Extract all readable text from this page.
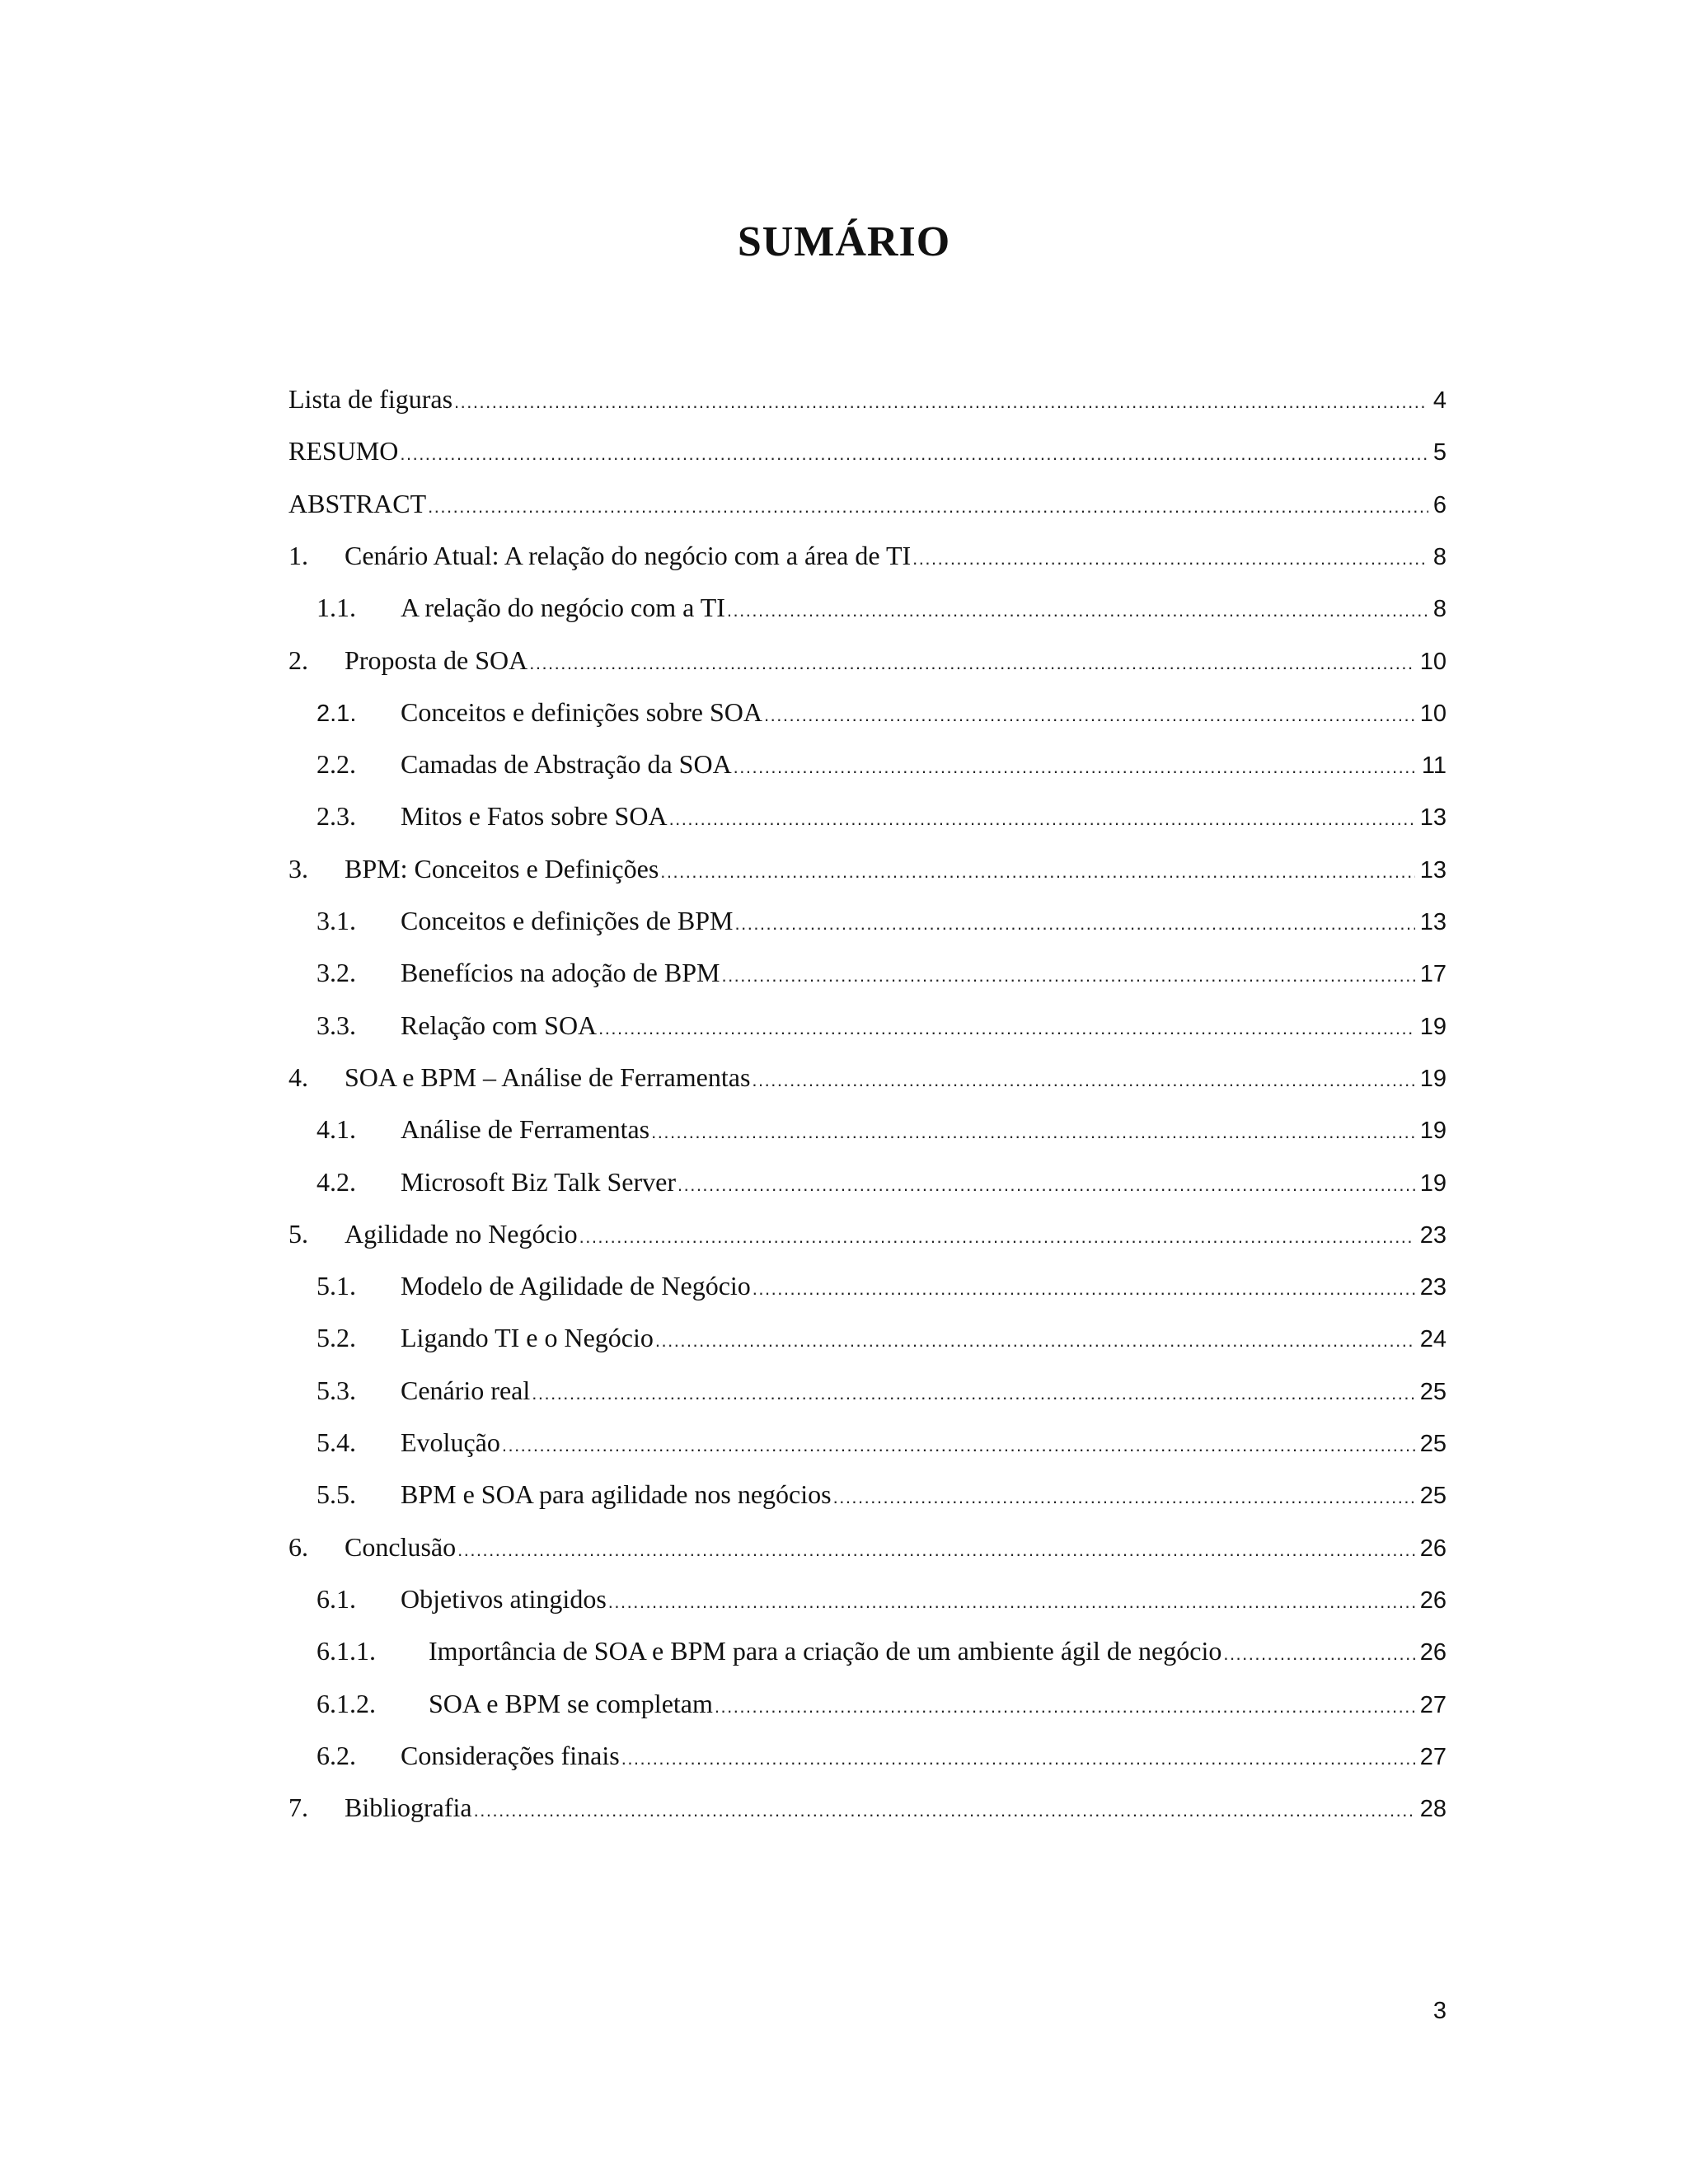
SUMÁRIO
Lista de figuras .....	4
RESUMO .....	5
ABSTRACT .....	6
1.	Cenário Atual: A relação do negócio com a área de TI .....	8
1.1.	A relação do negócio com a TI .....	8
2.	Proposta de SOA .....	10
2.1.	Conceitos e definições sobre SOA .....	10
2.2.	Camadas de Abstração da SOA .....	11
2.3.	Mitos e Fatos sobre SOA .....	13
3.	BPM: Conceitos e Definições .....	13
3.1.	Conceitos e definições de BPM .....	13
3.2.	Benefícios na adoção de BPM .....	17
3.3.	Relação com SOA .....	19
4.	SOA e BPM – Análise de Ferramentas .....	19
4.1.	Análise de Ferramentas .....	19
4.2.	Microsoft Biz Talk Server .....	19
5.	Agilidade no Negócio .....	23
5.1.	Modelo de Agilidade de Negócio .....	23
5.2.	Ligando TI e o Negócio .....	24
5.3.	Cenário real .....	25
5.4.	Evolução .....	25
5.5.	BPM e SOA para agilidade nos negócios .....	25
6.	Conclusão .....	26
6.1.	Objetivos atingidos .....	26
6.1.1.	Importância de SOA e BPM para a criação de um ambiente ágil de negócio .....	26
6.1.2.	SOA e BPM se completam .....	27
6.2.	Considerações finais .....	27
7.	Bibliografia .....	28
3
